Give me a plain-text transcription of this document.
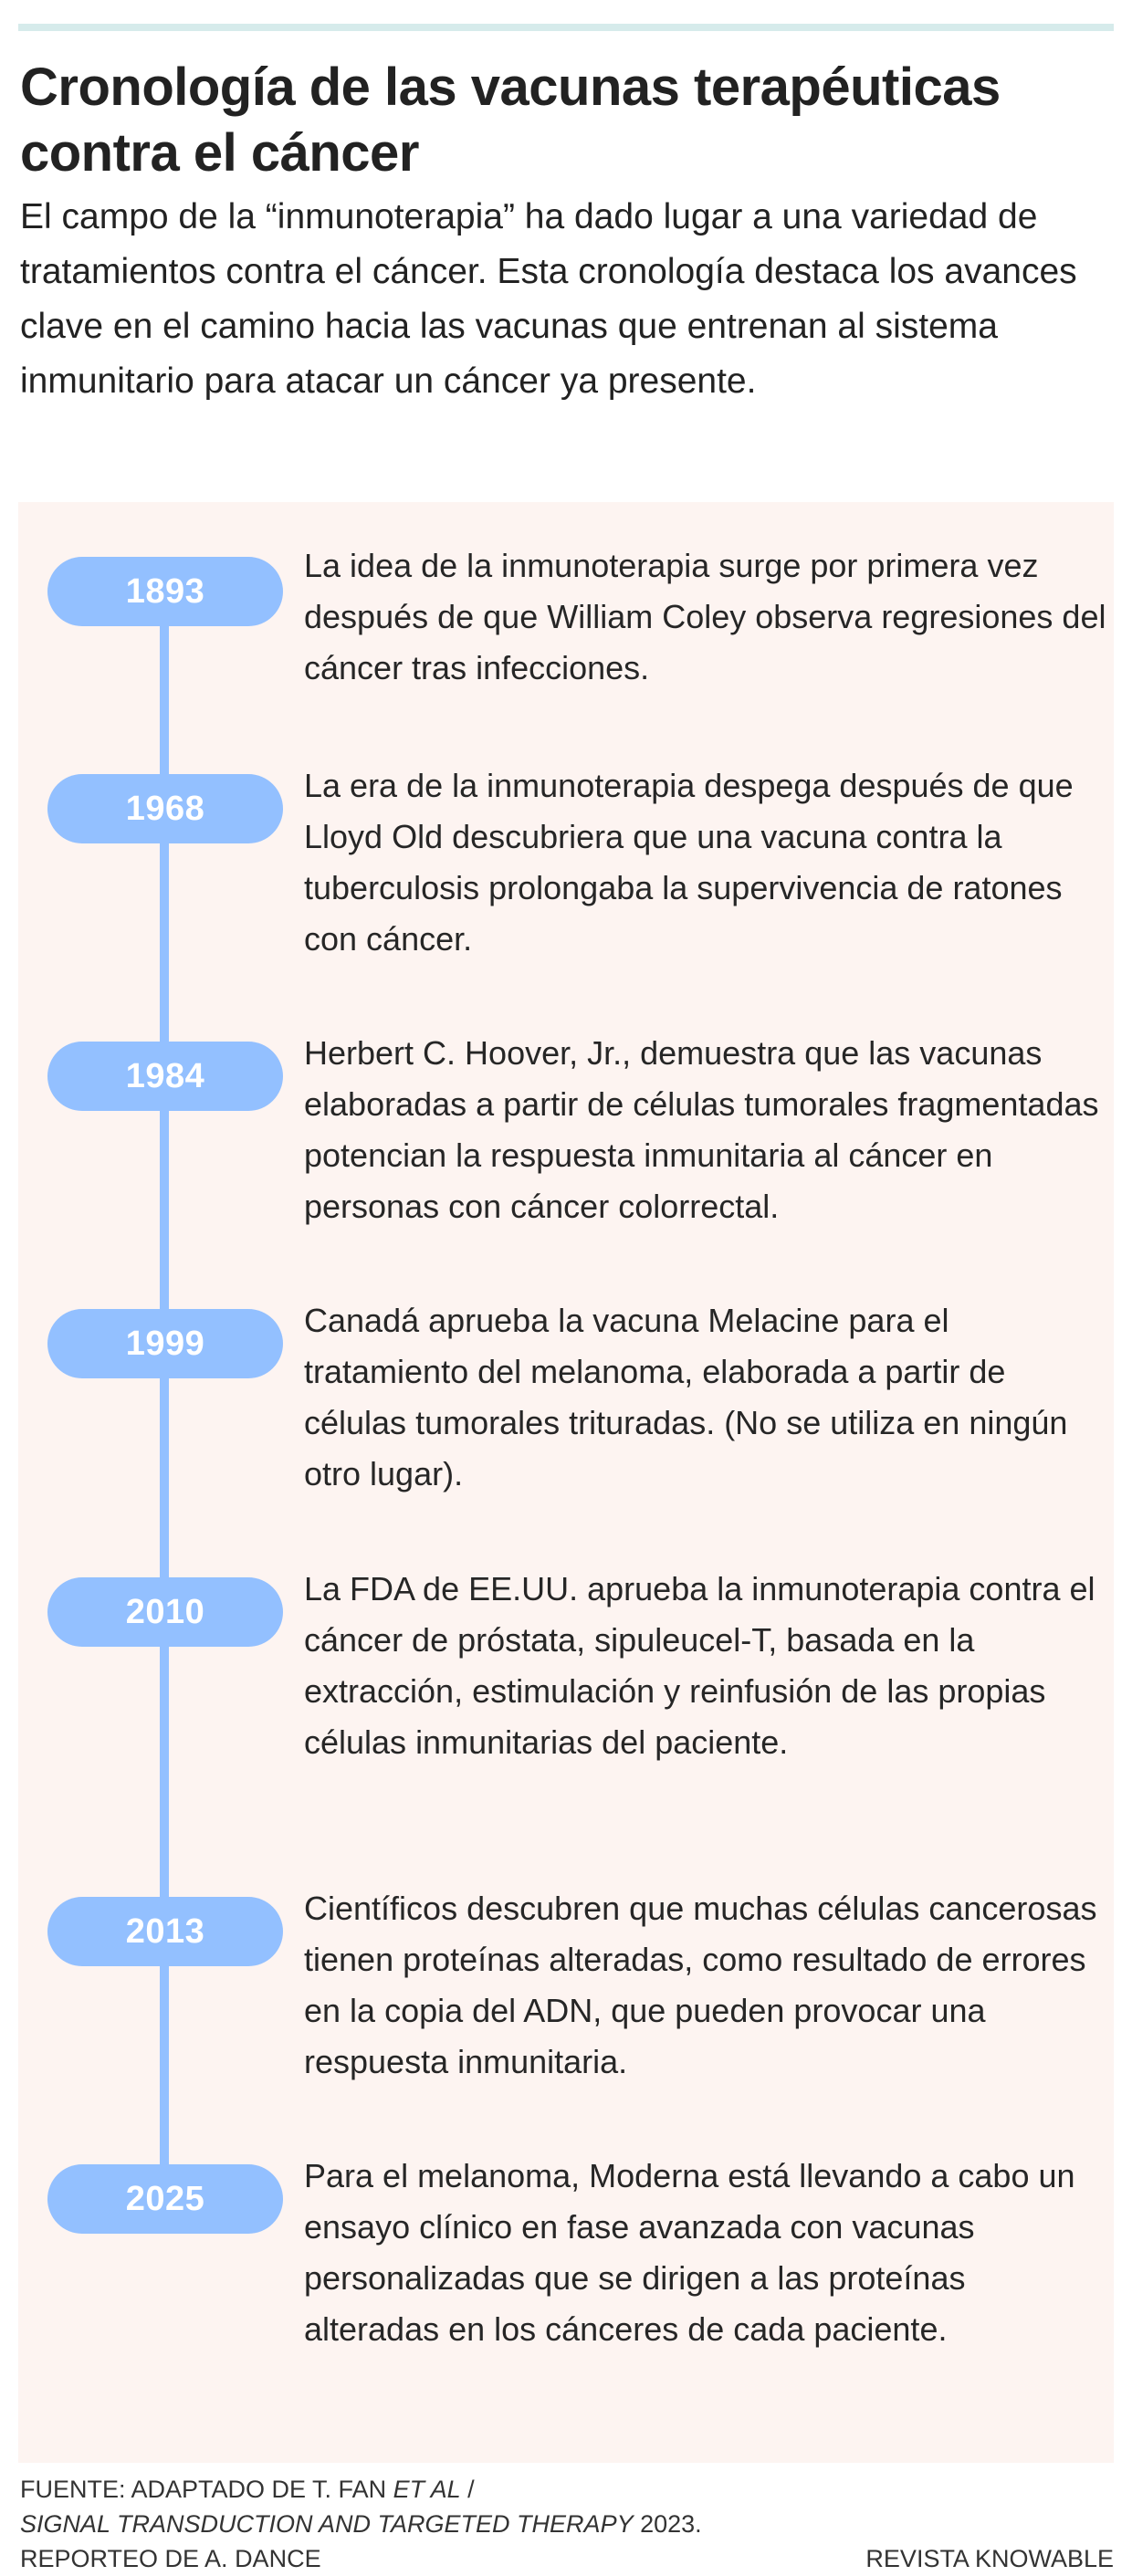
Cronología de las vacunas terapéuticas contra el cáncer

El campo de la “inmunoterapia” ha dado lugar a una variedad de tratamientos contra el cáncer. Esta cronología destaca los avances clave en el camino hacia las vacunas que entrenan al sistema inmunitario para atacar un cáncer ya presente.

1893

La idea de la inmunoterapia surge por primera vez después de que William Coley observa regresiones del cáncer tras infecciones.

1968

La era de la inmunoterapia despega después de que Lloyd Old descubriera que una vacuna contra la tuberculosis prolongaba la supervivencia de ratones con cáncer.

1984

Herbert C. Hoover, Jr., demuestra que las vacunas elaboradas a partir de células tumorales fragmentadas potencian la respuesta inmunitaria al cáncer en personas con cáncer colorrectal.

1999

Canadá aprueba la vacuna Melacine para el tratamiento del melanoma, elaborada a partir de células tumorales trituradas. (No se utiliza en ningún otro lugar).

2010

La FDA de EE.UU. aprueba la inmunoterapia contra el cáncer de próstata, sipuleucel-T, basada en la extracción, estimulación y reinfusión de las propias células inmunitarias del paciente.

2013

Científicos descubren que muchas células cancerosas tienen proteínas alteradas, como resultado de errores en la copia del ADN, que pueden provocar una respuesta inmunitaria.

2025

Para el melanoma, Moderna está llevando a cabo un ensayo clínico en fase avanzada con vacunas personalizadas que se dirigen a las proteínas alteradas en los cánceres de cada paciente.

FUENTE: ADAPTADO DE T. FAN ET AL /
SIGNAL TRANSDUCTION AND TARGETED THERAPY 2023.
REPORTEO DE A. DANCE	REVISTA KNOWABLE
